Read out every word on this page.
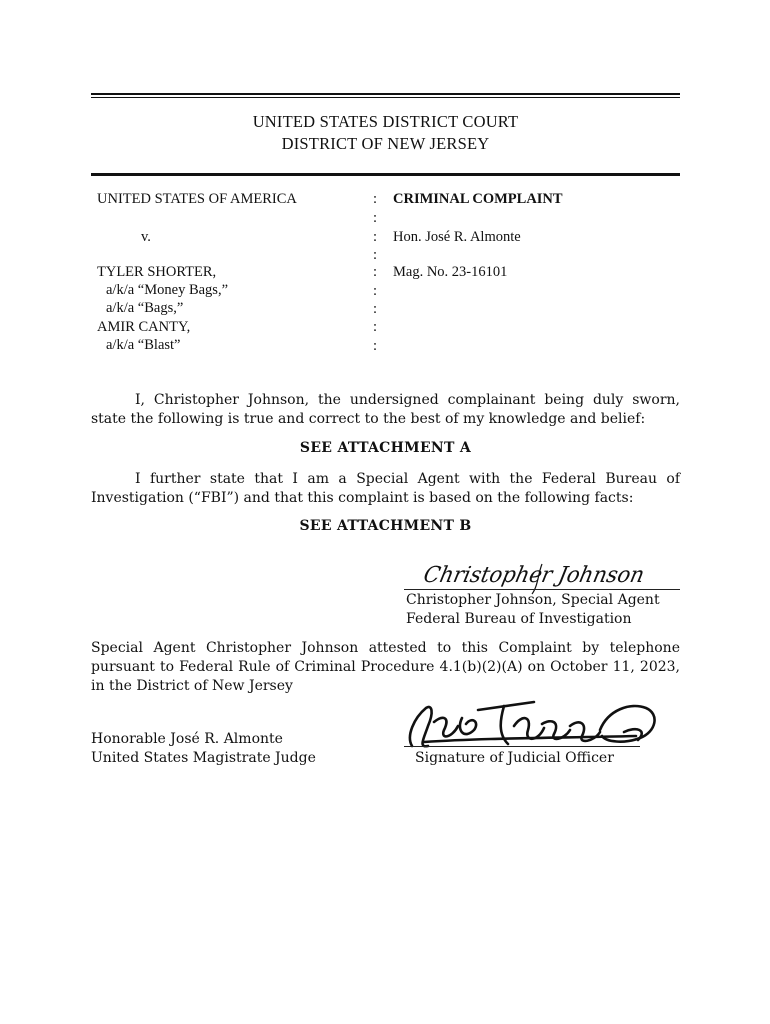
UNITED STATES DISTRICT COURT
DISTRICT OF NEW JERSEY
UNITED STATES OF AMERICA
v.
TYLER SHORTER,
a/k/a “Money Bags,”
a/k/a “Bags,”
AMIR CANTY,
a/k/a “Blast”
:
:
:
:
:
:
:
:
:
CRIMINAL COMPLAINT
Hon. José R. Almonte
Mag. No. 23-16101
I, Christopher Johnson, the undersigned complainant being duly sworn, state the following is true and correct to the best of my knowledge and belief:
SEE ATTACHMENT A
I further state that I am a Special Agent with the Federal Bureau of Investigation (“FBI”) and that this complaint is based on the following facts:
SEE ATTACHMENT B
Christopher Johnson
Christopher Johnson, Special Agent
Federal Bureau of Investigation
Special Agent Christopher Johnson attested to this Complaint by telephone pursuant to Federal Rule of Criminal Procedure 4.1(b)(2)(A) on October 11, 2023, in the District of New Jersey
Honorable José R. Almonte
United States Magistrate Judge	Signature of Judicial Officer
